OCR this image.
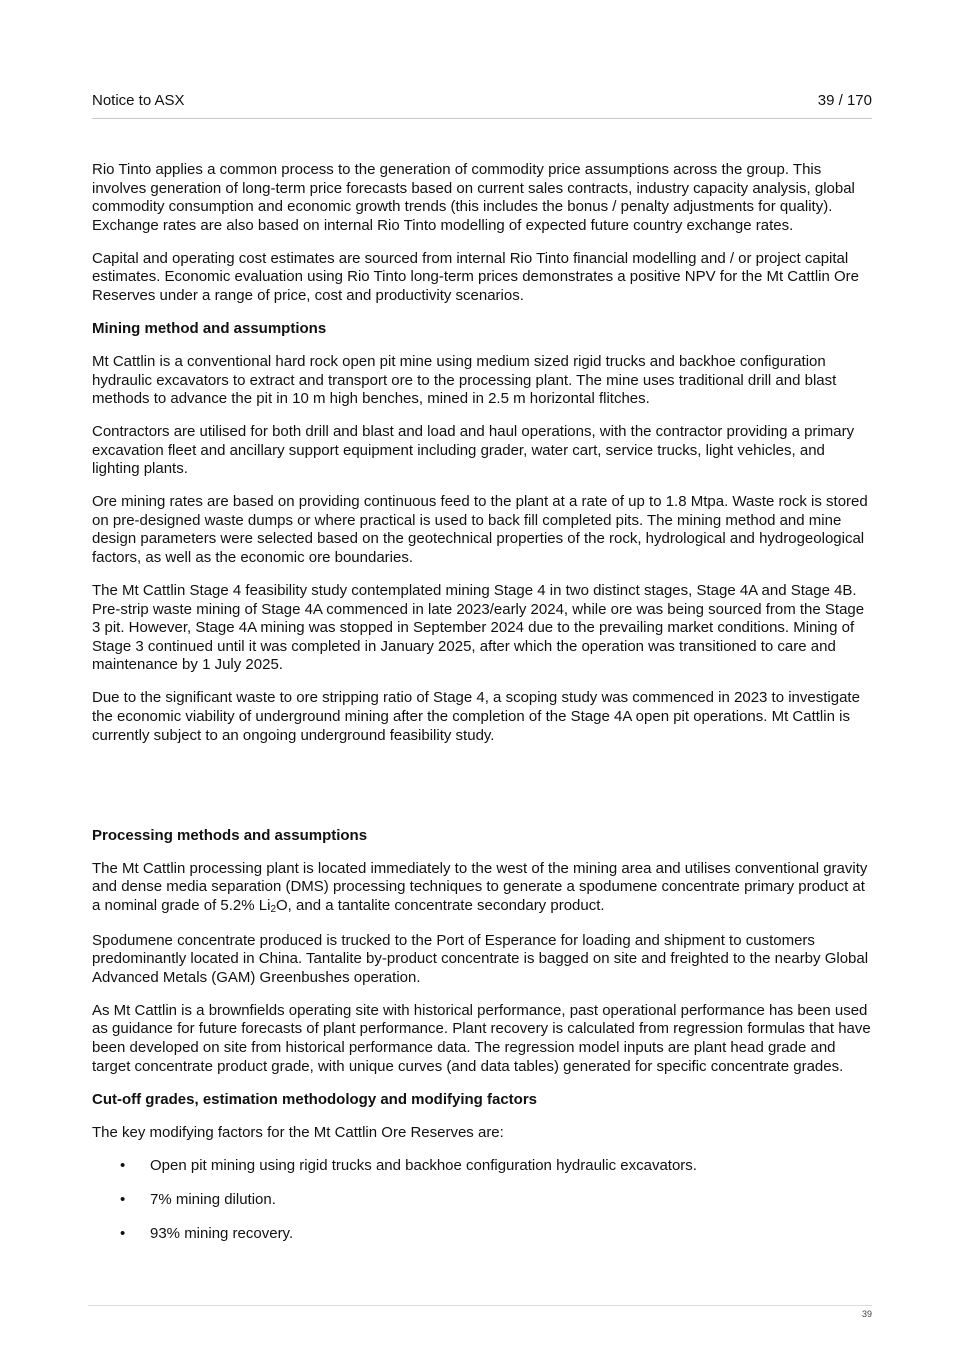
Notice to ASX	39 / 170

Rio Tinto applies a common process to the generation of commodity price assumptions across the group. This involves generation of long-term price forecasts based on current sales contracts, industry capacity analysis, global commodity consumption and economic growth trends (this includes the bonus / penalty adjustments for quality). Exchange rates are also based on internal Rio Tinto modelling of expected future country exchange rates.

Capital and operating cost estimates are sourced from internal Rio Tinto financial modelling and / or project capital estimates. Economic evaluation using Rio Tinto long-term prices demonstrates a positive NPV for the Mt Cattlin Ore Reserves under a range of price, cost and productivity scenarios.

Mining method and assumptions

Mt Cattlin is a conventional hard rock open pit mine using medium sized rigid trucks and backhoe configuration hydraulic excavators to extract and transport ore to the processing plant. The mine uses traditional drill and blast methods to advance the pit in 10 m high benches, mined in 2.5 m horizontal flitches.

Contractors are utilised for both drill and blast and load and haul operations, with the contractor providing a primary excavation fleet and ancillary support equipment including grader, water cart, service trucks, light vehicles, and lighting plants.

Ore mining rates are based on providing continuous feed to the plant at a rate of up to 1.8 Mtpa. Waste rock is stored on pre-designed waste dumps or where practical is used to back fill completed pits. The mining method and mine design parameters were selected based on the geotechnical properties of the rock, hydrological and hydrogeological factors, as well as the economic ore boundaries.

The Mt Cattlin Stage 4 feasibility study contemplated mining Stage 4 in two distinct stages, Stage 4A and Stage 4B. Pre-strip waste mining of Stage 4A commenced in late 2023/early 2024, while ore was being sourced from the Stage 3 pit. However, Stage 4A mining was stopped in September 2024 due to the prevailing market conditions. Mining of Stage 3 continued until it was completed in January 2025, after which the operation was transitioned to care and maintenance by 1 July 2025.

Due to the significant waste to ore stripping ratio of Stage 4, a scoping study was commenced in 2023 to investigate the economic viability of underground mining after the completion of the Stage 4A open pit operations. Mt Cattlin is currently subject to an ongoing underground feasibility study.

Processing methods and assumptions

The Mt Cattlin processing plant is located immediately to the west of the mining area and utilises conventional gravity and dense media separation (DMS) processing techniques to generate a spodumene concentrate primary product at a nominal grade of 5.2% $Li_2O$, and a tantalite concentrate secondary product.

Spodumene concentrate produced is trucked to the Port of Esperance for loading and shipment to customers predominantly located in China. Tantalite by-product concentrate is bagged on site and freighted to the nearby Global Advanced Metals (GAM) Greenbushes operation.

As Mt Cattlin is a brownfields operating site with historical performance, past operational performance has been used as guidance for future forecasts of plant performance. Plant recovery is calculated from regression formulas that have been developed on site from historical performance data. The regression model inputs are plant head grade and target concentrate product grade, with unique curves (and data tables) generated for specific concentrate grades.

Cut-off grades, estimation methodology and modifying factors

The key modifying factors for the Mt Cattlin Ore Reserves are:

• Open pit mining using rigid trucks and backhoe configuration hydraulic excavators.
• 7% mining dilution.
• 93% mining recovery.
39
